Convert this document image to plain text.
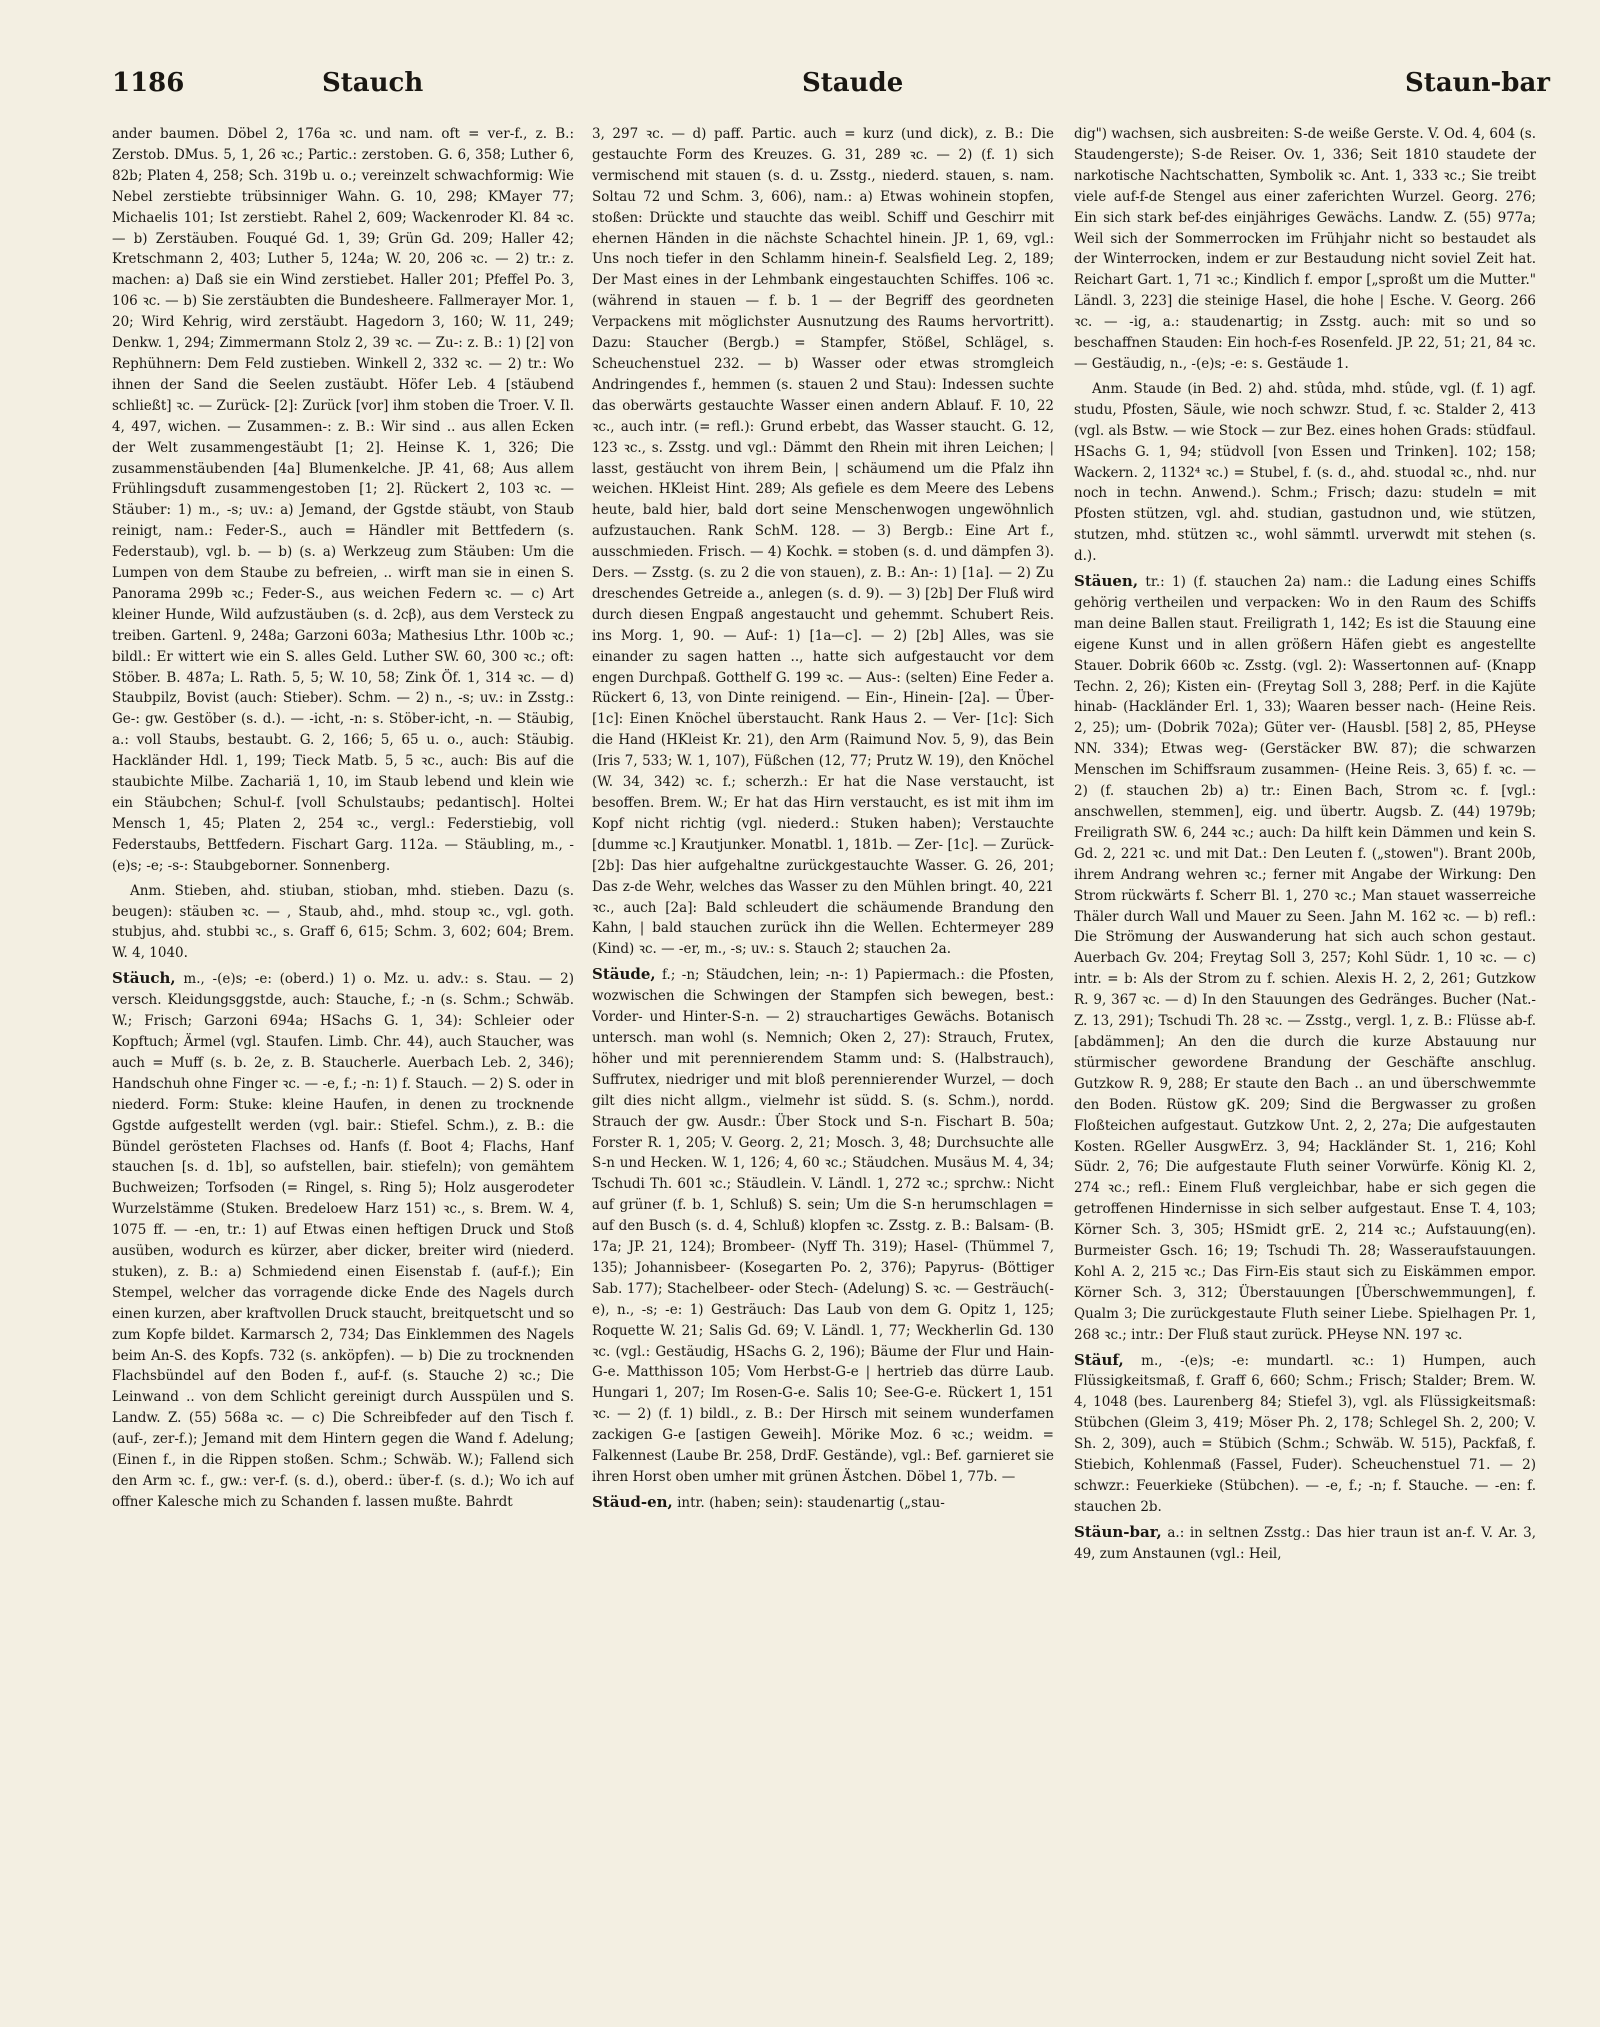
1186	Stauch	Staude	Staun-bar

ander baumen. Döbel 2, 176a ꝛc. und nam. oft = ver-f., z. B.: Zerstob. DMus. 5, 1, 26 ꝛc.; Partic.: zerstoben. G. 6, 358; Luther 6, 82b; Platen 4, 258; Sch. 319b u. o.; vereinzelt schwachformig: Wie Nebel zerstiebte trübsinniger Wahn. G. 10, 298; KMayer 77; Michaelis 101; Ist zerstiebt. Rahel 2, 609; Wackenroder Kl. 84 ꝛc. — b) Zerstäuben. Fouqué Gd. 1, 39; Grün Gd. 209; Haller 42; Kretschmann 2, 403; Luther 5, 124a; W. 20, 206 ꝛc. — 2) tr.: z. machen: a) Daß sie ein Wind zerstiebet. Haller 201; Pfeffel Po. 3, 106 ꝛc. — b) Sie zerstäubten die Bundesheere. Fallmerayer Mor. 1, 20; Wird Kehrig, wird zerstäubt. Hagedorn 3, 160; W. 11, 249; Denkw. 1, 294; Zimmermann Stolz 2, 39 ꝛc. — Zu-: z. B.: 1) [2] von Rephühnern: Dem Feld zustieben. Winkell 2, 332 ꝛc. — 2) tr.: Wo ihnen der Sand die Seelen zustäubt. Höfer Leb. 4 [stäubend schließt] ꝛc. — Zurück- [2]: Zurück [vor] ihm stoben die Troer. V. Il. 4, 497, wichen. — Zusammen-: z. B.: Wir sind .. aus allen Ecken der Welt zusammengestäubt [1; 2]. Heinse K. 1, 326; Die zusammenstäubenden [4a] Blumenkelche. JP. 41, 68; Aus allem Frühlingsduft zusammengestoben [1; 2]. Rückert 2, 103 ꝛc. — Stäuber: 1) m., -s; uv.: a) Jemand, der Ggstde stäubt, von Staub reinigt, nam.: Feder-S., auch = Händler mit Bettfedern (s. Federstaub), vgl. b. — b) (s. a) Werkzeug zum Stäuben: Um die Lumpen von dem Staube zu befreien, .. wirft man sie in einen S. Panorama 299b ꝛc.; Feder-S., aus weichen Federn ꝛc. — c) Art kleiner Hunde, Wild aufzustäuben (s. d. 2cβ), aus dem Versteck zu treiben. Gartenl. 9, 248a; Garzoni 603a; Mathesius Lthr. 100b ꝛc.; bildl.: Er wittert wie ein S. alles Geld. Luther SW. 60, 300 ꝛc.; oft: Stöber. B. 487a; L. Rath. 5, 5; W. 10, 58; Zink Öf. 1, 314 ꝛc. — d) Staubpilz, Bovist (auch: Stieber). Schm. — 2) n., -s; uv.: in Zsstg.: Ge-: gw. Gestöber (s. d.). — -icht, -n: s. Stöber-icht, -n. — Stäubig, a.: voll Staubs, bestaubt. G. 2, 166; 5, 65 u. o., auch: Stäubig. Hackländer Hdl. 1, 199; Tieck Matb. 5, 5 ꝛc., auch: Bis auf die staubichte Milbe. Zachariä 1, 10, im Staub lebend und klein wie ein Stäubchen; Schul-f. [voll Schulstaubs; pedantisch]. Holtei Mensch 1, 45; Platen 2, 254 ꝛc., vergl.: Federstiebig, voll Federstaubs, Bettfedern. Fischart Garg. 112a. — Stäubling, m., -(e)s; -e; -s-: Staubgeborner. Sonnenberg.

Anm. Stieben, ahd. stiuban, stioban, mhd. stieben. Dazu (s. beugen): stäuben ꝛc. — , Staub, ahd., mhd. stoup ꝛc., vgl. goth. stubjus, ahd. stubbi ꝛc., s. Graff 6, 615; Schm. 3, 602; 604; Brem. W. 4, 1040.

Stäuch, m., -(e)s; -e: (oberd.) 1) o. Mz. u. adv.: s. Stau. — 2) versch. Kleidungsggstde, auch: Stauche, f.; -n (s. Schm.; Schwäb. W.; Frisch; Garzoni 694a; HSachs G. 1, 34): Schleier oder Kopftuch; Ärmel (vgl. Staufen. Limb. Chr. 44), auch Staucher, was auch = Muff (s. b. 2e, z. B. Staucherle. Auerbach Leb. 2, 346); Handschuh ohne Finger ꝛc. — -e, f.; -n: 1) f. Stauch. — 2) S. oder in niederd. Form: Stuke: kleine Haufen, in denen zu trocknende Ggstde aufgestellt werden (vgl. bair.: Stiefel. Schm.), z. B.: die Bündel gerösteten Flachses od. Hanfs (f. Boot 4; Flachs, Hanf stauchen [s. d. 1b], so aufstellen, bair. stiefeln); von gemähtem Buchweizen; Torfsoden (= Ringel, s. Ring 5); Holz ausgerodeter Wurzelstämme (Stuken. Bredeloew Harz 151) ꝛc., s. Brem. W. 4, 1075 ff. — -en, tr.: 1) auf Etwas einen heftigen Druck und Stoß ausüben, wodurch es kürzer, aber dicker, breiter wird (niederd. stuken), z. B.: a) Schmiedend einen Eisenstab f. (auf-f.); Ein Stempel, welcher das vorragende dicke Ende des Nagels durch einen kurzen, aber kraftvollen Druck staucht, breitquetscht und so zum Kopfe bildet. Karmarsch 2, 734; Das Einklemmen des Nagels beim An-S. des Kopfs. 732 (s. anköpfen). — b) Die zu trocknenden Flachsbündel auf den Boden f., auf-f. (s. Stauche 2) ꝛc.; Die Leinwand .. von dem Schlicht gereinigt durch Ausspülen und S. Landw. Z. (55) 568a ꝛc. — c) Die Schreibfeder auf den Tisch f. (auf-, zer-f.); Jemand mit dem Hintern gegen die Wand f. Adelung; (Einen f., in die Rippen stoßen. Schm.; Schwäb. W.); Fallend sich den Arm ꝛc. f., gw.: ver-f. (s. d.), oberd.: über-f. (s. d.); Wo ich auf offner Kalesche mich zu Schanden f. lassen mußte. Bahrdt

3, 297 ꝛc. — d) paff. Partic. auch = kurz (und dick), z. B.: Die gestauchte Form des Kreuzes. G. 31, 289 ꝛc. — 2) (f. 1) sich vermischend mit stauen (s. d. u. Zsstg., niederd. stauen, s. nam. Soltau 72 und Schm. 3, 606), nam.: a) Etwas wohinein stopfen, stoßen: Drückte und stauchte das weibl. Schiff und Geschirr mit ehernen Händen in die nächste Schachtel hinein. JP. 1, 69, vgl.: Uns noch tiefer in den Schlamm hinein-f. Sealsfield Leg. 2, 189; Der Mast eines in der Lehmbank eingestauchten Schiffes. 106 ꝛc. (während in stauen — f. b. 1 — der Begriff des geordneten Verpackens mit möglichster Ausnutzung des Raums hervortritt). Dazu: Staucher (Bergb.) = Stampfer, Stößel, Schlägel, s. Scheuchenstuel 232. — b) Wasser oder etwas stromgleich Andringendes f., hemmen (s. stauen 2 und Stau): Indessen suchte das oberwärts gestauchte Wasser einen andern Ablauf. F. 10, 22 ꝛc., auch intr. (= refl.): Grund erbebt, das Wasser staucht. G. 12, 123 ꝛc., s. Zsstg. und vgl.: Dämmt den Rhein mit ihren Leichen; | lasst, gestäucht von ihrem Bein, | schäumend um die Pfalz ihn weichen. HKleist Hint. 289; Als gefiele es dem Meere des Lebens heute, bald hier, bald dort seine Menschenwogen ungewöhnlich aufzustauchen. Rank SchM. 128. — 3) Bergb.: Eine Art f., ausschmieden. Frisch. — 4) Kochk. = stoben (s. d. und dämpfen 3). Ders. — Zsstg. (s. zu 2 die von stauen), z. B.: An-: 1) [1a]. — 2) Zu dreschendes Getreide a., anlegen (s. d. 9). — 3) [2b] Der Fluß wird durch diesen Engpaß angestaucht und gehemmt. Schubert Reis. ins Morg. 1, 90. — Auf-: 1) [1a—c]. — 2) [2b] Alles, was sie einander zu sagen hatten .., hatte sich aufgestaucht vor dem engen Durchpaß. Gotthelf G. 199 ꝛc. — Aus-: (selten) Eine Feder a. Rückert 6, 13, von Dinte reinigend. — Ein-, Hinein- [2a]. — Über- [1c]: Einen Knöchel überstaucht. Rank Haus 2. — Ver- [1c]: Sich die Hand (HKleist Kr. 21), den Arm (Raimund Nov. 5, 9), das Bein (Iris 7, 533; W. 1, 107), Füßchen (12, 77; Prutz W. 19), den Knöchel (W. 34, 342) ꝛc. f.; scherzh.: Er hat die Nase verstaucht, ist besoffen. Brem. W.; Er hat das Hirn verstaucht, es ist mit ihm im Kopf nicht richtig (vgl. niederd.: Stuken haben); Verstauchte [dumme ꝛc.] Krautjunker. Monatbl. 1, 181b. — Zer- [1c]. — Zurück- [2b]: Das hier aufgehaltne zurückgestauchte Wasser. G. 26, 201; Das z-de Wehr, welches das Wasser zu den Mühlen bringt. 40, 221 ꝛc., auch [2a]: Bald schleudert die schäumende Brandung den Kahn, | bald stauchen zurück ihn die Wellen. Echtermeyer 289 (Kind) ꝛc. — -er, m., -s; uv.: s. Stauch 2; stauchen 2a.

Stäude, f.; -n; Stäudchen, lein; -n-: 1) Papiermach.: die Pfosten, wozwischen die Schwingen der Stampfen sich bewegen, best.: Vorder- und Hinter-S-n. — 2) strauchartiges Gewächs. Botanisch untersch. man wohl (s. Nemnich; Oken 2, 27): Strauch, Frutex, höher und mit perennierendem Stamm und: S. (Halbstrauch), Suffrutex, niedriger und mit bloß perennierender Wurzel, — doch gilt dies nicht allgm., vielmehr ist südd. S. (s. Schm.), nordd. Strauch der gw. Ausdr.: Über Stock und S-n. Fischart B. 50a; Forster R. 1, 205; V. Georg. 2, 21; Mosch. 3, 48; Durchsuchte alle S-n und Hecken. W. 1, 126; 4, 60 ꝛc.; Stäudchen. Musäus M. 4, 34; Tschudi Th. 601 ꝛc.; Stäudlein. V. Ländl. 1, 272 ꝛc.; sprchw.: Nicht auf grüner (f. b. 1, Schluß) S. sein; Um die S-n herumschlagen = auf den Busch (s. d. 4, Schluß) klopfen ꝛc. Zsstg. z. B.: Balsam- (B. 17a; JP. 21, 124); Brombeer- (Nyff Th. 319); Hasel- (Thümmel 7, 135); Johannisbeer- (Kosegarten Po. 2, 376); Papyrus- (Böttiger Sab. 177); Stachelbeer- oder Stech- (Adelung) S. ꝛc. — Gesträuch(-e), n., -s; -e: 1) Gesträuch: Das Laub von dem G. Opitz 1, 125; Roquette W. 21; Salis Gd. 69; V. Ländl. 1, 77; Weckherlin Gd. 130 ꝛc. (vgl.: Gestäudig, HSachs G. 2, 196); Bäume der Flur und Hain-G-e. Matthisson 105; Vom Herbst-G-e | hertrieb das dürre Laub. Hungari 1, 207; Im Rosen-G-e. Salis 10; See-G-e. Rückert 1, 151 ꝛc. — 2) (f. 1) bildl., z. B.: Der Hirsch mit seinem wunderfamen zackigen G-e [astigen Geweih]. Mörike Moz. 6 ꝛc.; weidm. = Falkennest (Laube Br. 258, DrdF. Gestände), vgl.: Bef. garnieret sie ihren Horst oben umher mit grünen Ästchen. Döbel 1, 77b. —

Stäud-en, intr. (haben; sein): staudenartig („stau-

dig") wachsen, sich ausbreiten: S-de weiße Gerste. V. Od. 4, 604 (s. Staudengerste); S-de Reiser. Ov. 1, 336; Seit 1810 staudete der narkotische Nachtschatten, Symbolik ꝛc. Ant. 1, 333 ꝛc.; Sie treibt viele auf-f-de Stengel aus einer zaferichten Wurzel. Georg. 276; Ein sich stark bef-des einjähriges Gewächs. Landw. Z. (55) 977a; Weil sich der Sommerrocken im Frühjahr nicht so bestaudet als der Winterrocken, indem er zur Bestaudung nicht soviel Zeit hat. Reichart Gart. 1, 71 ꝛc.; Kindlich f. empor [„sproßt um die Mutter." Ländl. 3, 223] die steinige Hasel, die hohe | Esche. V. Georg. 266 ꝛc. — -ig, a.: staudenartig; in Zsstg. auch: mit so und so beschaffnen Stauden: Ein hoch-f-es Rosenfeld. JP. 22, 51; 21, 84 ꝛc. — Gestäudig, n., -(e)s; -e: s. Gestäude 1.

Anm. Staude (in Bed. 2) ahd. stûda, mhd. stûde, vgl. (f. 1) agf. studu, Pfosten, Säule, wie noch schwzr. Stud, f. ꝛc. Stalder 2, 413 (vgl. als Bstw. — wie Stock — zur Bez. eines hohen Grads: stüdfaul. HSachs G. 1, 94; stüdvoll [von Essen und Trinken]. 102; 158; Wackern. 2, 1132⁴ ꝛc.) = Stubel, f. (s. d., ahd. stuodal ꝛc., nhd. nur noch in techn. Anwend.). Schm.; Frisch; dazu: studeln = mit Pfosten stützen, vgl. ahd. studian, gastudnon und, wie stützen, stutzen, mhd. stützen ꝛc., wohl sämmtl. urverwdt mit stehen (s. d.).

Stäuen, tr.: 1) (f. stauchen 2a) nam.: die Ladung eines Schiffs gehörig vertheilen und verpacken: Wo in den Raum des Schiffs man deine Ballen staut. Freiligrath 1, 142; Es ist die Stauung eine eigene Kunst und in allen größern Häfen giebt es angestellte Stauer. Dobrik 660b ꝛc. Zsstg. (vgl. 2): Wassertonnen auf- (Knapp Techn. 2, 26); Kisten ein- (Freytag Soll 3, 288; Perf. in die Kajüte hinab- (Hackländer Erl. 1, 33); Waaren besser nach- (Heine Reis. 2, 25); um- (Dobrik 702a); Güter ver- (Hausbl. [58] 2, 85, PHeyse NN. 334); Etwas weg- (Gerstäcker BW. 87); die schwarzen Menschen im Schiffsraum zusammen- (Heine Reis. 3, 65) f. ꝛc. — 2) (f. stauchen 2b) a) tr.: Einen Bach, Strom ꝛc. f. [vgl.: anschwellen, stemmen], eig. und übertr. Augsb. Z. (44) 1979b; Freiligrath SW. 6, 244 ꝛc.; auch: Da hilft kein Dämmen und kein S. Gd. 2, 221 ꝛc. und mit Dat.: Den Leuten f. („stowen"). Brant 200b, ihrem Andrang wehren ꝛc.; ferner mit Angabe der Wirkung: Den Strom rückwärts f. Scherr Bl. 1, 270 ꝛc.; Man stauet wasserreiche Thäler durch Wall und Mauer zu Seen. Jahn M. 162 ꝛc. — b) refl.: Die Strömung der Auswanderung hat sich auch schon gestaut. Auerbach Gv. 204; Freytag Soll 3, 257; Kohl Südr. 1, 10 ꝛc. — c) intr. = b: Als der Strom zu f. schien. Alexis H. 2, 2, 261; Gutzkow R. 9, 367 ꝛc. — d) In den Stauungen des Gedränges. Bucher (Nat.-Z. 13, 291); Tschudi Th. 28 ꝛc. — Zsstg., vergl. 1, z. B.: Flüsse ab-f. [abdämmen]; An den die durch die kurze Abstauung nur stürmischer gewordene Brandung der Geschäfte anschlug. Gutzkow R. 9, 288; Er staute den Bach .. an und überschwemmte den Boden. Rüstow gK. 209; Sind die Bergwasser zu großen Floßteichen aufgestaut. Gutzkow Unt. 2, 2, 27a; Die aufgestauten Kosten. RGeller AusgwErz. 3, 94; Hackländer St. 1, 216; Kohl Südr. 2, 76; Die aufgestaute Fluth seiner Vorwürfe. König Kl. 2, 274 ꝛc.; refl.: Einem Fluß vergleichbar, habe er sich gegen die getroffenen Hindernisse in sich selber aufgestaut. Ense T. 4, 103; Körner Sch. 3, 305; HSmidt grE. 2, 214 ꝛc.; Aufstauung(en). Burmeister Gsch. 16; 19; Tschudi Th. 28; Wasseraufstauungen. Kohl A. 2, 215 ꝛc.; Das Firn-Eis staut sich zu Eiskämmen empor. Körner Sch. 3, 312; Überstauungen [Überschwemmungen], f. Qualm 3; Die zurückgestaute Fluth seiner Liebe. Spielhagen Pr. 1, 268 ꝛc.; intr.: Der Fluß staut zurück. PHeyse NN. 197 ꝛc.

Stäuf, m., -(e)s; -e: mundartl. ꝛc.: 1) Humpen, auch Flüssigkeitsmaß, f. Graff 6, 660; Schm.; Frisch; Stalder; Brem. W. 4, 1048 (bes. Laurenberg 84; Stiefel 3), vgl. als Flüssigkeitsmaß: Stübchen (Gleim 3, 419; Möser Ph. 2, 178; Schlegel Sh. 2, 200; V. Sh. 2, 309), auch = Stübich (Schm.; Schwäb. W. 515), Packfaß, f. Stiebich, Kohlenmaß (Fassel, Fuder). Scheuchenstuel 71. — 2) schwzr.: Feuerkieke (Stübchen). — -e, f.; -n; f. Stauche. — -en: f. stauchen 2b.

Stäun-bar, a.: in seltnen Zsstg.: Das hier traun ist an-f. V. Ar. 3, 49, zum Anstaunen (vgl.: Heil,
